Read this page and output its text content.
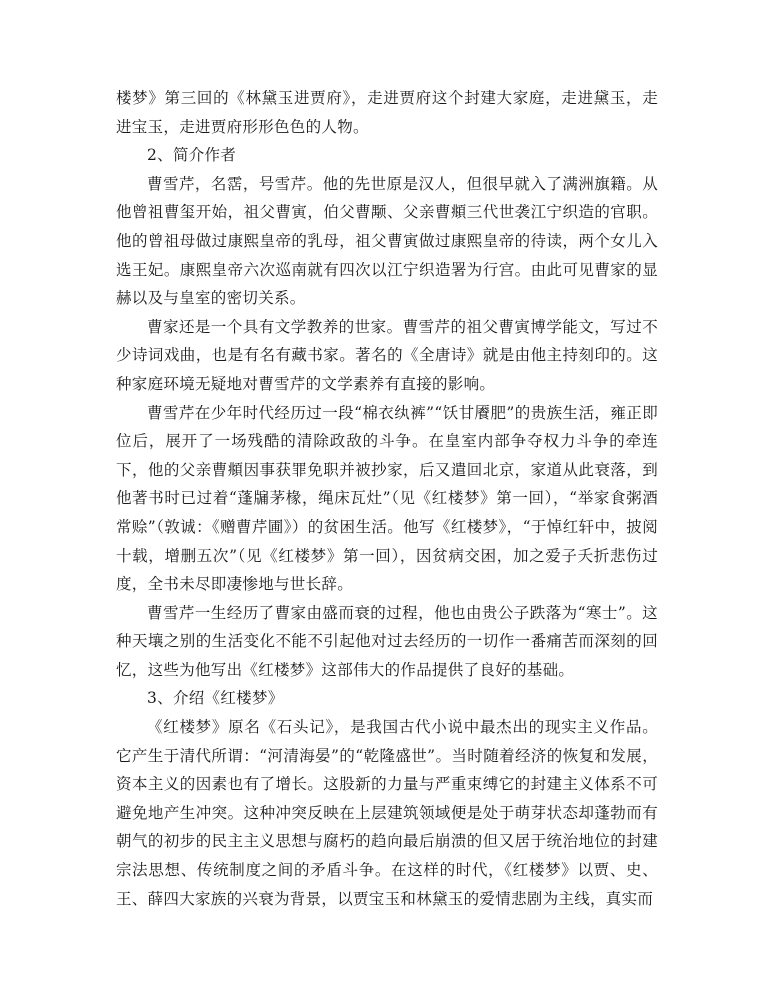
楼梦》第三回的《林黛玉进贾府》，走进贾府这个封建大家庭，走进黛玉，走进宝玉，走进贾府形形色色的人物。

2、简介作者

曹雪芹，名霑，号雪芹。他的先世原是汉人，但很早就入了满洲旗籍。从他曾祖曹玺开始，祖父曹寅，伯父曹颙、父亲曹頫三代世袭江宁织造的官职。他的曾祖母做过康熙皇帝的乳母，祖父曹寅做过康熙皇帝的待读，两个女儿入选王妃。康熙皇帝六次巡南就有四次以江宁织造署为行宫。由此可见曹家的显赫以及与皇室的密切关系。

曹家还是一个具有文学教养的世家。曹雪芹的祖父曹寅博学能文，写过不少诗词戏曲，也是有名有藏书家。著名的《全唐诗》就是由他主持刻印的。这种家庭环境无疑地对曹雪芹的文学素养有直接的影响。

曹雪芹在少年时代经历过一段“棉衣纨裤”“饫甘餍肥”的贵族生活，雍正即位后，展开了一场残酷的清除政敌的斗争。在皇室内部争夺权力斗争的牵连下，他的父亲曹頫因事获罪免职并被抄家，后又遣回北京，家道从此衰落，到他著书时已过着“蓬牖茅椽，绳床瓦灶”（见《红楼梦》第一回），“举家食粥酒常赊”（敦诚：《赠曹芹圃》）的贫困生活。他写《红楼梦》，“于悼红轩中，披阅十载，增删五次”（见《红楼梦》第一回），因贫病交困，加之爱子夭折悲伤过度，全书未尽即凄惨地与世长辞。

曹雪芹一生经历了曹家由盛而衰的过程，他也由贵公子跌落为“寒士”。这种天壤之别的生活变化不能不引起他对过去经历的一切作一番痛苦而深刻的回忆，这些为他写出《红楼梦》这部伟大的作品提供了良好的基础。

3、介绍《红楼梦》

《红楼梦》原名《石头记》，是我国古代小说中最杰出的现实主义作品。它产生于清代所谓：“河清海晏”的“乾隆盛世”。当时随着经济的恢复和发展，资本主义的因素也有了增长。这股新的力量与严重束缚它的封建主义体系不可避免地产生冲突。这种冲突反映在上层建筑领域便是处于萌芽状态却蓬勃而有朝气的初步的民主主义思想与腐朽的趋向最后崩溃的但又居于统治地位的封建宗法思想、传统制度之间的矛盾斗争。在这样的时代，《红楼梦》以贾、史、王、薛四大家族的兴衰为背景，以贾宝玉和林黛玉的爱情悲剧为主线，真实而
